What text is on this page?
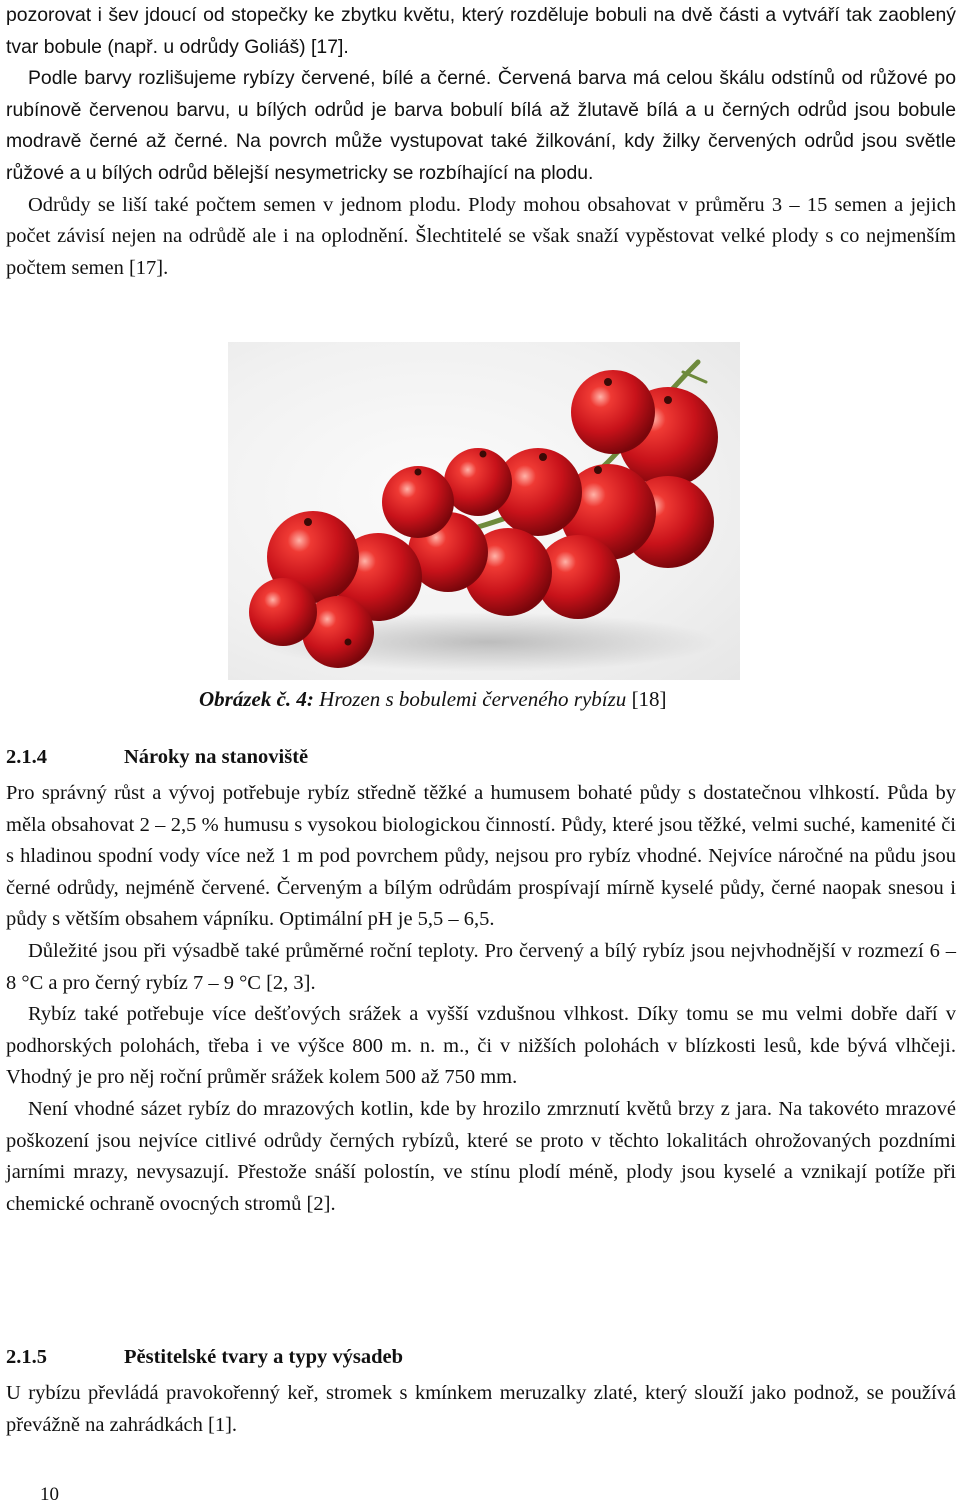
pozorovat i šev jdoucí od stopečky ke zbytku květu, který rozděluje bobuli na dvě části a vytváří tak zaoblený tvar bobule (např. u odrůdy Goliáš) [17].

Podle barvy rozlišujeme rybízy červené, bílé a černé. Červená barva má celou škálu odstínů od růžové po rubínově červenou barvu, u bílých odrůd je barva bobulí bílá až žlutavě bílá a u černých odrůd jsou bobule modravě černé až černé. Na povrch může vystupovat také žilkování, kdy žilky červených odrůd jsou světle růžové a u bílých odrůd bělejší nesymetricky se rozbíhající na plodu.

Odrůdy se liší také počtem semen v jednom plodu. Plody mohou obsahovat v průměru 3 – 15 semen a jejich počet závisí nejen na odrůdě ale i na oplodnění. Šlechtitelé se však snaží vypěstovat velké plody s co nejmenším počtem semen [17].

Obrázek č. 4: Hrozen s bobulemi červeného rybízu [18]
2.1.4	Nároky na stanoviště

Pro správný růst a vývoj potřebuje rybíz středně těžké a humusem bohaté půdy s dostatečnou vlhkostí. Půda by měla obsahovat 2 – 2,5 % humusu s vysokou biologickou činností. Půdy, které jsou těžké, velmi suché, kamenité či s hladinou spodní vody více než 1 m pod povrchem půdy, nejsou pro rybíz vhodné. Nejvíce náročné na půdu jsou černé odrůdy, nejméně červené. Červeným a bílým odrůdám prospívají mírně kyselé půdy, černé naopak snesou i půdy s větším obsahem vápníku. Optimální pH je 5,5 – 6,5.

Důležité jsou při výsadbě také průměrné roční teploty. Pro červený a bílý rybíz jsou nejvhodnější v rozmezí 6 – 8 °C a pro černý rybíz 7 – 9 °C [2, 3].

Rybíz také potřebuje více dešťových srážek a vyšší vzdušnou vlhkost. Díky tomu se mu velmi dobře daří v podhorských polohách, třeba i ve výšce 800 m. n. m., či v nižších polohách v blízkosti lesů, kde bývá vlhčeji. Vhodný je pro něj roční průměr srážek kolem 500 až 750 mm.

Není vhodné sázet rybíz do mrazových kotlin, kde by hrozilo zmrznutí květů brzy z jara. Na takovéto mrazové poškození jsou nejvíce citlivé odrůdy černých rybízů, které se proto v těchto lokalitách ohrožovaných pozdními jarními mrazy, nevysazují. Přestože snáší polostín, ve stínu plodí méně, plody jsou kyselé a vznikají potíže při chemické ochraně ovocných stromů [2].

2.1.5	Pěstitelské tvary a typy výsadeb

U rybízu převládá pravokořenný keř, stromek s kmínkem meruzalky zlaté, který slouží jako podnož, se používá převážně na zahrádkách [1].

10
